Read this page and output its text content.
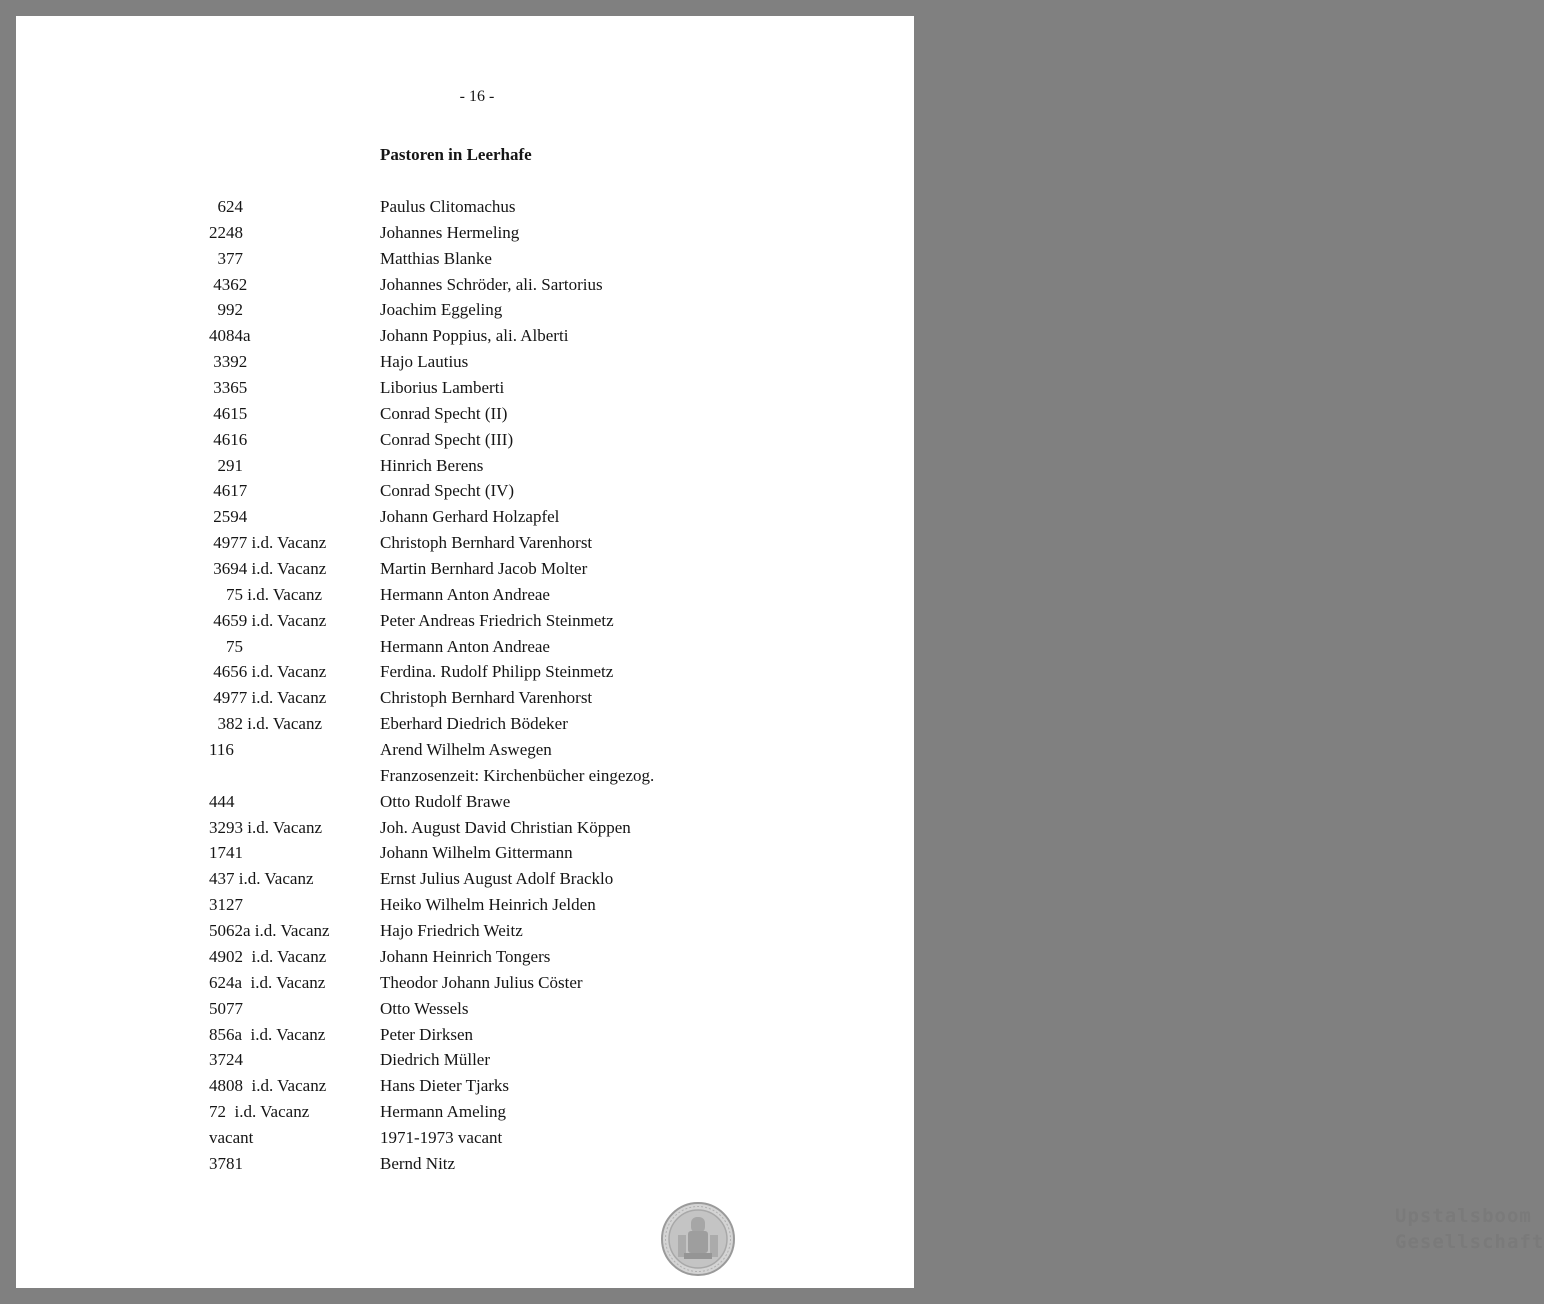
- 16 -
Pastoren in Leerhafe
624	Paulus Clitomachus
2248	Johannes Hermeling
377	Matthias Blanke
4362	Johannes Schröder, ali. Sartorius
992	Joachim Eggeling
4084a	Johann Poppius, ali. Alberti
3392	Hajo Lautius
3365	Liborius Lamberti
4615	Conrad Specht (II)
4616	Conrad Specht (III)
291	Hinrich Berens
4617	Conrad Specht (IV)
2594	Johann Gerhard Holzapfel
4977 i.d. Vacanz	Christoph Bernhard Varenhorst
3694 i.d. Vacanz	Martin Bernhard Jacob Molter
75 i.d. Vacanz	Hermann Anton Andreae
4659 i.d. Vacanz	Peter Andreas Friedrich Steinmetz
75	Hermann Anton Andreae
4656 i.d. Vacanz	Ferdina. Rudolf Philipp Steinmetz
4977 i.d. Vacanz	Christoph Bernhard Varenhorst
382 i.d. Vacanz	Eberhard Diedrich Bödeker
116	Arend Wilhelm Aswegen
Franzosenzeit: Kirchenbücher eingezog.
444	Otto Rudolf Brawe
3293 i.d. Vacanz	Joh. August David Christian Köppen
1741	Johann Wilhelm Gittermann
437 i.d. Vacanz	Ernst Julius August Adolf Bracklo
3127	Heiko Wilhelm Heinrich Jelden
5062a i.d. Vacanz	Hajo Friedrich Weitz
4902  i.d. Vacanz	Johann Heinrich Tongers
624a  i.d. Vacanz	Theodor Johann Julius Cöster
5077	Otto Wessels
856a  i.d. Vacanz	Peter Dirksen
3724	Diedrich Müller
4808  i.d. Vacanz	Hans Dieter Tjarks
72  i.d. Vacanz	Hermann Ameling
vacant	1971-1973 vacant
3781	Bernd Nitz
Upstalsboom
Gesellschaft
